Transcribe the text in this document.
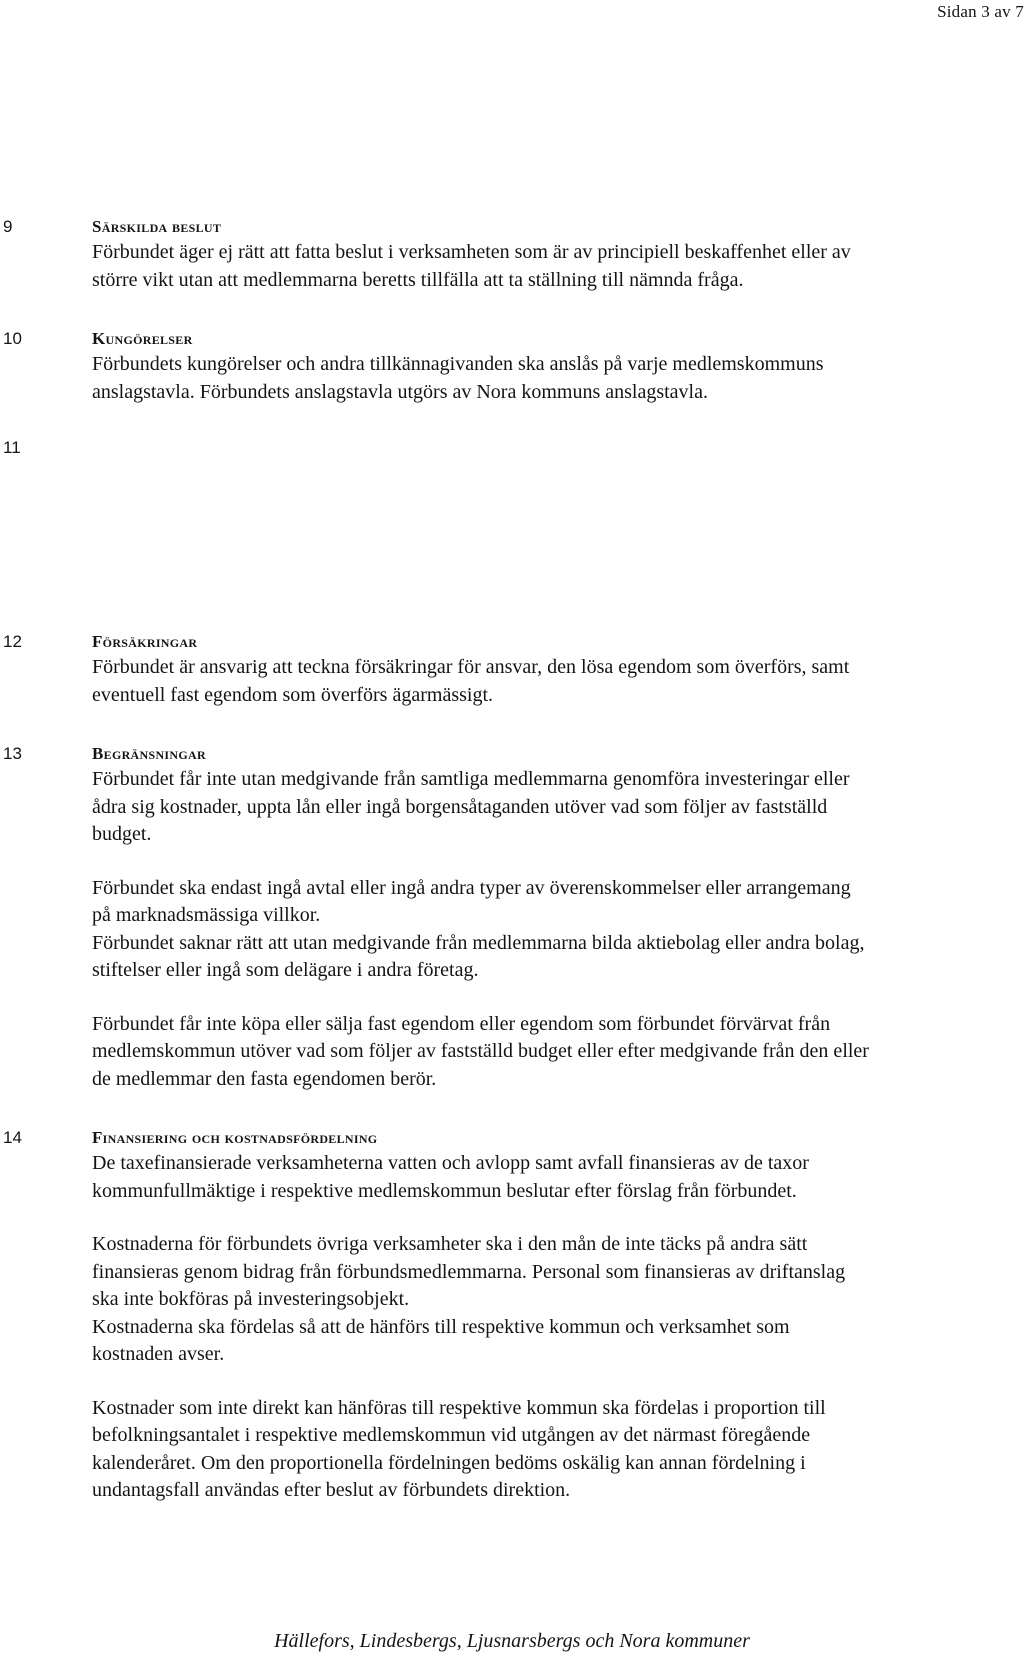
Sidan 3 av 7
9	Särskilda beslut

Förbundet äger ej rätt att fatta beslut i verksamheten som är av principiell beskaffenhet eller av
större vikt utan att medlemmarna beretts tillfälla att ta ställning till nämnda fråga.

10	Kungörelser

Förbundets kungörelser och andra tillkännagivanden ska anslås på varje medlemskommuns
anslagstavla. Förbundets anslagstavla utgörs av Nora kommuns anslagstavla.

11
12	Försäkringar

Förbundet är ansvarig att teckna försäkringar för ansvar, den lösa egendom som överförs, samt
eventuell fast egendom som överförs ägarmässigt.

13	Begränsningar

Förbundet får inte utan medgivande från samtliga medlemmarna genomföra investeringar eller
ådra sig kostnader, uppta lån eller ingå borgensåtaganden utöver vad som följer av fastställd
budget.

Förbundet ska endast ingå avtal eller ingå andra typer av överenskommelser eller arrangemang
på marknadsmässiga villkor.

Förbundet saknar rätt att utan medgivande från medlemmarna bilda aktiebolag eller andra bolag,
stiftelser eller ingå som delägare i andra företag.

Förbundet får inte köpa eller sälja fast egendom eller egendom som förbundet förvärvat från
medlemskommun utöver vad som följer av fastställd budget eller efter medgivande från den eller
de medlemmar den fasta egendomen berör.

14	Finansiering och kostnadsfördelning

De taxefinansierade verksamheterna vatten och avlopp samt avfall finansieras av de taxor
kommunfullmäktige i respektive medlemskommun beslutar efter förslag från förbundet.

Kostnaderna för förbundets övriga verksamheter ska i den mån de inte täcks på andra sätt
finansieras genom bidrag från förbundsmedlemmarna. Personal som finansieras av driftanslag
ska inte bokföras på investeringsobjekt.

Kostnaderna ska fördelas så att de hänförs till respektive kommun och verksamhet som
kostnaden avser.

Kostnader som inte direkt kan hänföras till respektive kommun ska fördelas i proportion till
befolkningsantalet i respektive medlemskommun vid utgången av det närmast föregående
kalenderåret. Om den proportionella fördelningen bedöms oskälig kan annan fördelning i
undantagsfall användas efter beslut av förbundets direktion.

Hällefors, Lindesbergs, Ljusnarsbergs och Nora kommuner
